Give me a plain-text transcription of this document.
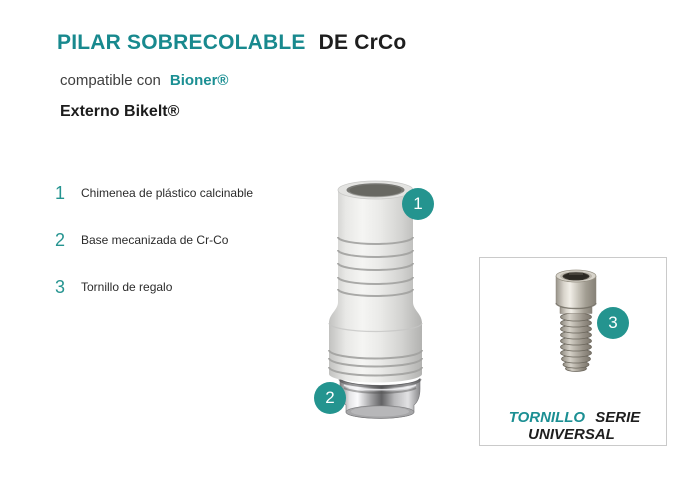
PILAR SOBRECOLABLE DE CrCo
compatible con Bioner®
Externo Bikelt®
1	Chimenea de plástico calcinable
2	Base mecanizada de Cr-Co
3	Tornillo de regalo
1
2
3
TORNILLO SERIE UNIVERSAL
